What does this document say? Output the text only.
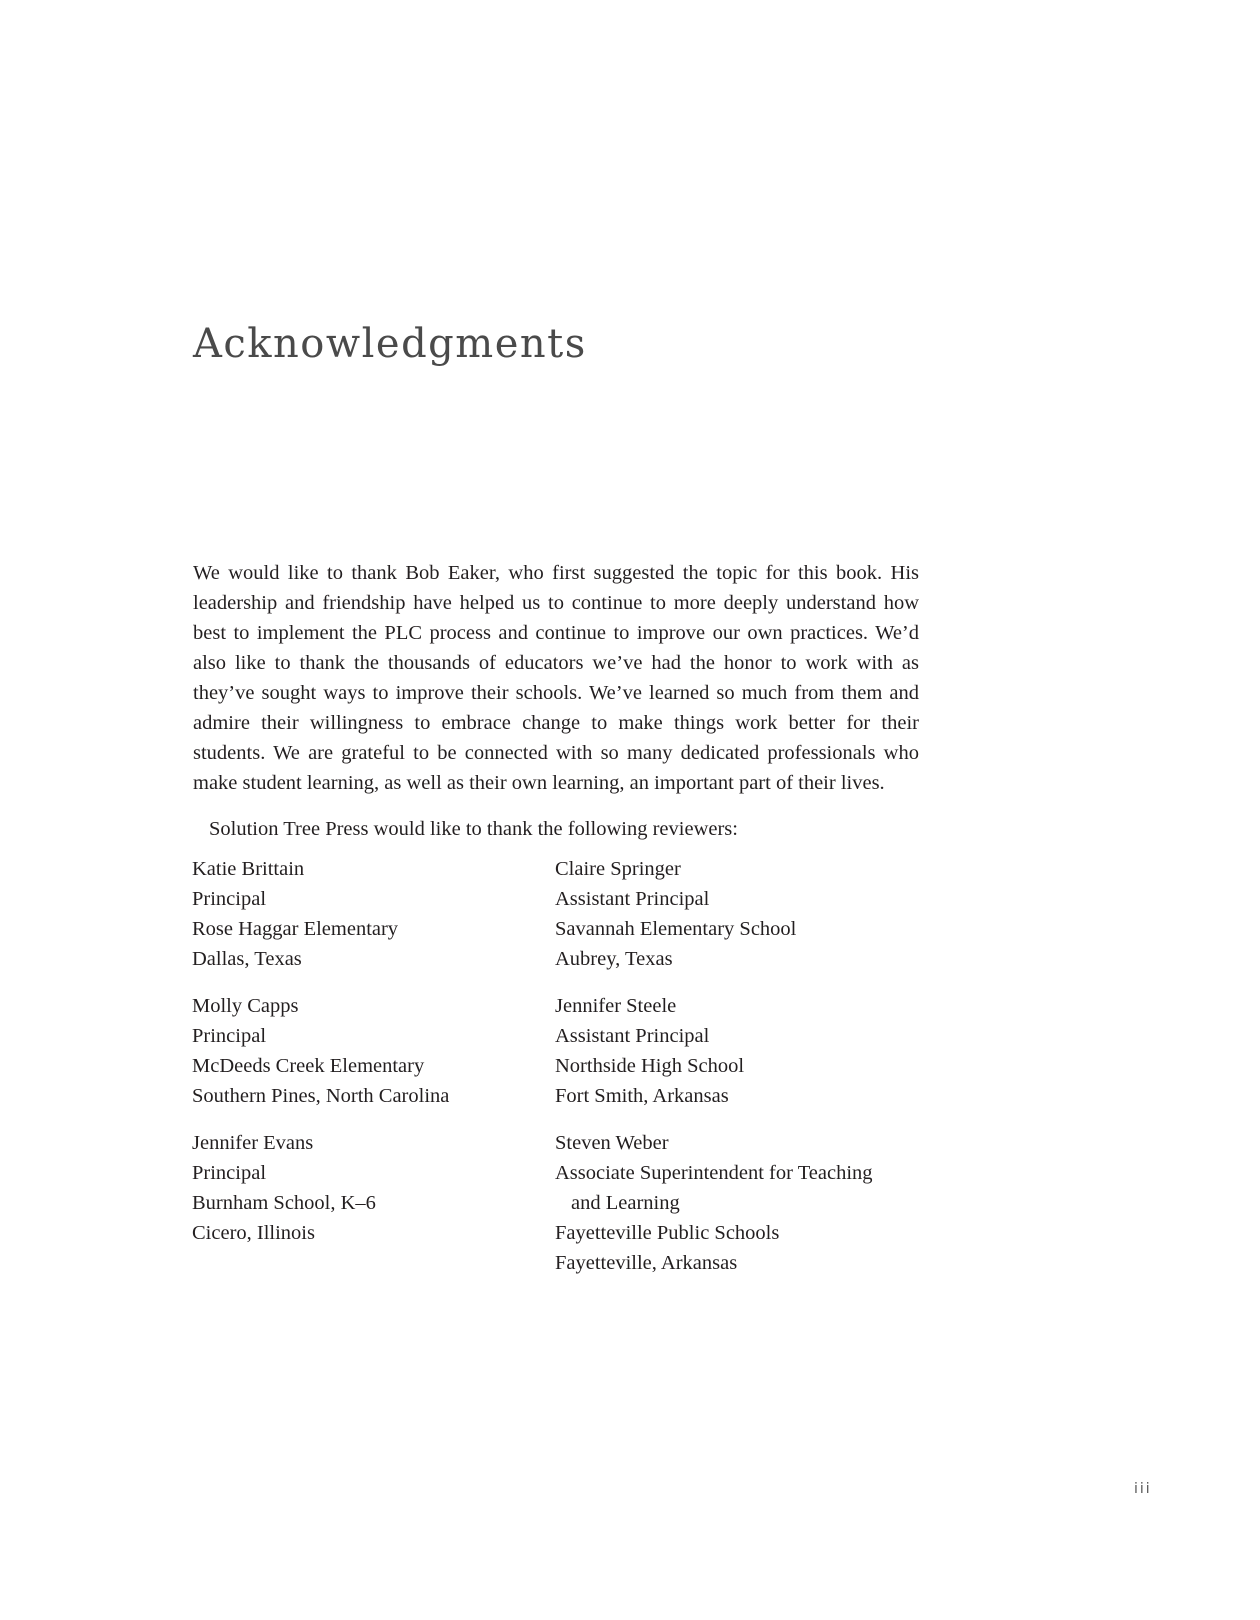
Acknowledgments

We would like to thank Bob Eaker, who first suggested the topic for this book. His leadership and friendship have helped us to continue to more deeply understand how best to implement the PLC process and continue to improve our own practices. We’d also like to thank the thousands of educators we’ve had the honor to work with as they’ve sought ways to improve their schools. We’ve learned so much from them and admire their willingness to embrace change to make things work better for their students. We are grateful to be connected with so many dedicated professionals who make student learning, as well as their own learning, an important part of their lives.

Solution Tree Press would like to thank the following reviewers:

Katie Brittain
Principal
Rose Haggar Elementary
Dallas, Texas
Molly Capps
Principal
McDeeds Creek Elementary
Southern Pines, North Carolina
Jennifer Evans
Principal
Burnham School, K–6
Cicero, Illinois
Claire Springer
Assistant Principal
Savannah Elementary School
Aubrey, Texas
Jennifer Steele
Assistant Principal
Northside High School
Fort Smith, Arkansas
Steven Weber
Associate Superintendent for Teaching
and Learning
Fayetteville Public Schools
Fayetteville, Arkansas
iii
